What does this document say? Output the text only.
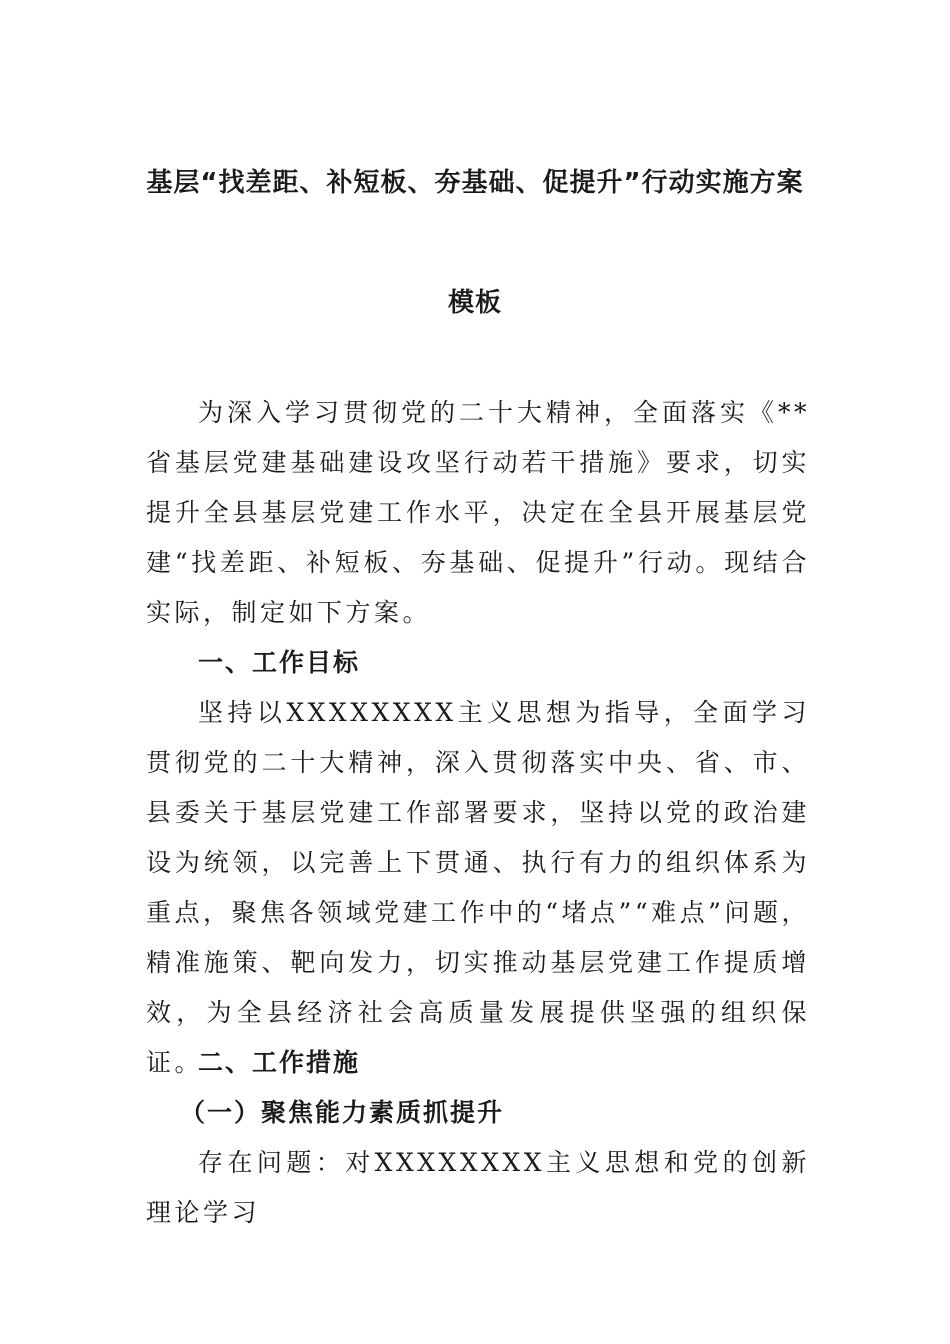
基层“找差距、补短板、夯基础、促提升”行动实施方案
模板

为深入学习贯彻党的二十大精神，全面落实《**省基层党建基础建设攻坚行动若干措施》要求，切实提升全县基层党建工作水平，决定在全县开展基层党建“找差距、补短板、夯基础、促提升”行动。现结合实际，制定如下方案。

一、工作目标

坚持以XXXXXXXX主义思想为指导，全面学习贯彻党的二十大精神，深入贯彻落实中央、省、市、县委关于基层党建工作部署要求，坚持以党的政治建设为统领，以完善上下贯通、执行有力的组织体系为重点，聚焦各领域党建工作中的“堵点”“难点”问题，精准施策、靶向发力，切实推动基层党建工作提质增效，为全县经济社会高质量发展提供坚强的组织保证。

二、工作措施
（一）聚焦能力素质抓提升

存在问题：对XXXXXXXX主义思想和党的创新理论学习
